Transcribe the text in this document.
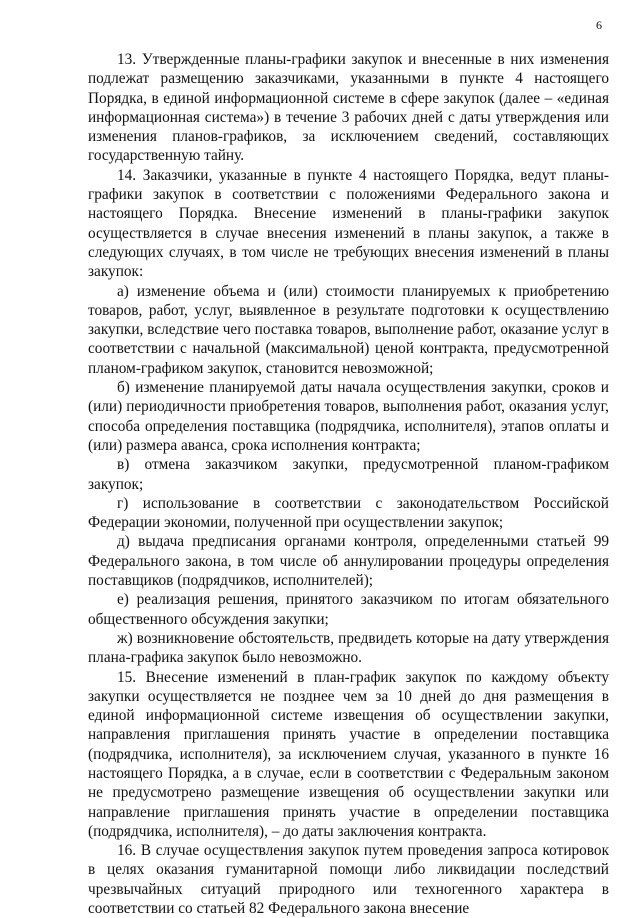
6

13. Утвержденные планы-графики закупок и внесенные в них изменения подлежат размещению заказчиками, указанными в пункте 4 настоящего Порядка, в единой информационной системе в сфере закупок (далее – «единая информационная система») в течение 3 рабочих дней с даты утверждения или изменения планов-графиков, за исключением сведений, составляющих государственную тайну.

14. Заказчики, указанные в пункте 4 настоящего Порядка, ведут планы-графики закупок в соответствии с положениями Федерального закона и настоящего Порядка. Внесение изменений в планы-графики закупок осуществляется в случае внесения изменений в планы закупок, а также в следующих случаях, в том числе не требующих внесения изменений в планы закупок:

а) изменение объема и (или) стоимости планируемых к приобретению товаров, работ, услуг, выявленное в результате подготовки к осуществлению закупки, вследствие чего поставка товаров, выполнение работ, оказание услуг в соответствии с начальной (максимальной) ценой контракта, предусмотренной планом-графиком закупок, становится невозможной;

б) изменение планируемой даты начала осуществления закупки, сроков и (или) периодичности приобретения товаров, выполнения работ, оказания услуг, способа определения поставщика (подрядчика, исполнителя), этапов оплаты и (или) размера аванса, срока исполнения контракта;

в) отмена заказчиком закупки, предусмотренной планом-графиком закупок;

г) использование в соответствии с законодательством Российской Федерации экономии, полученной при осуществлении закупок;

д) выдача предписания органами контроля, определенными статьей 99 Федерального закона, в том числе об аннулировании процедуры определения поставщиков (подрядчиков, исполнителей);

е) реализация решения, принятого заказчиком по итогам обязательного общественного обсуждения закупки;

ж) возникновение обстоятельств, предвидеть которые на дату утверждения плана-графика закупок было невозможно.

15. Внесение изменений в план-график закупок по каждому объекту закупки осуществляется не позднее чем за 10 дней до дня размещения в единой информационной системе извещения об осуществлении закупки, направления приглашения принять участие в определении поставщика (подрядчика, исполнителя), за исключением случая, указанного в пункте 16 настоящего Порядка, а в случае, если в соответствии с Федеральным законом не предусмотрено размещение извещения об осуществлении закупки или направление приглашения принять участие в определении поставщика (подрядчика, исполнителя), – до даты заключения контракта.

16. В случае осуществления закупок путем проведения запроса котировок в целях оказания гуманитарной помощи либо ликвидации последствий чрезвычайных ситуаций природного или техногенного характера в соответствии со статьей 82 Федерального закона внесение
